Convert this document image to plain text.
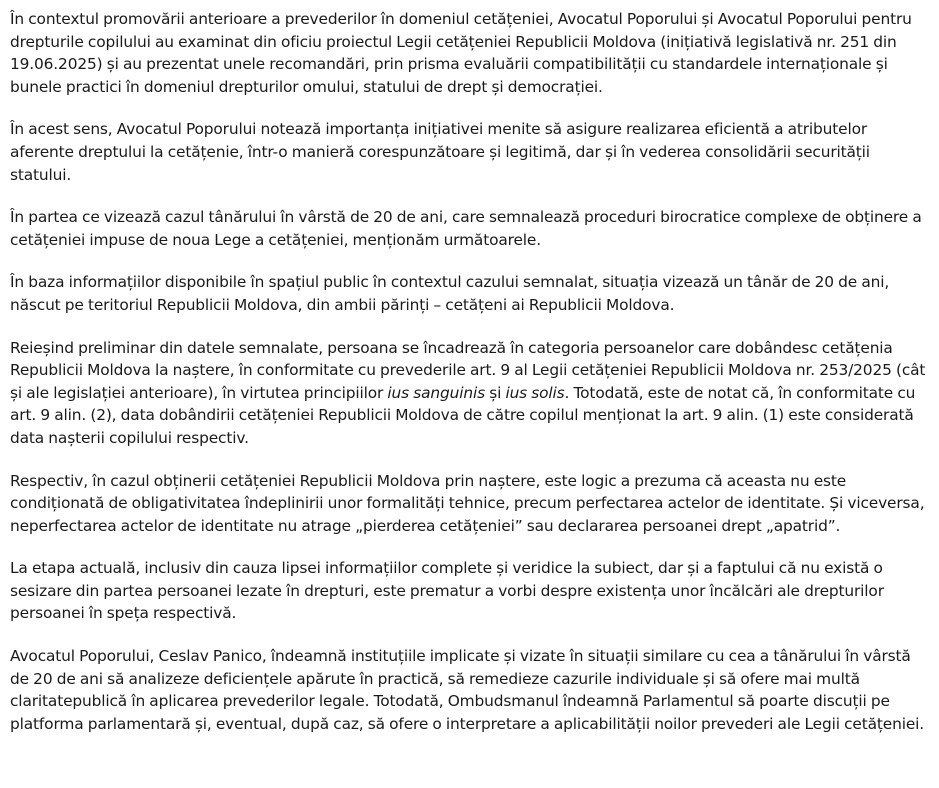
În contextul promovării anterioare a prevederilor în domeniul cetățeniei, Avocatul Poporului și Avocatul Poporului pentru drepturile copilului au examinat din oficiu proiectul Legii cetățeniei Republicii Moldova (inițiativă legislativă nr. 251 din 19.06.2025) și au prezentat unele recomandări, prin prisma evaluării compatibilității cu standardele internaționale și bunele practici în domeniul drepturilor omului, statului de drept și democrației.

În acest sens, Avocatul Poporului notează importanța inițiativei menite să asigure realizarea eficientă a atributelor aferente dreptului la cetățenie, într-o manieră corespunzătoare și legitimă, dar și în vederea consolidării securității statului.

În partea ce vizează cazul tânărului în vârstă de 20 de ani, care semnalează proceduri birocratice complexe de obținere a cetățeniei impuse de noua Lege a cetățeniei, menționăm următoarele.

În baza informațiilor disponibile în spațiul public în contextul cazului semnalat, situația vizează un tânăr de 20 de ani, născut pe teritoriul Republicii Moldova, din ambii părinți – cetățeni ai Republicii Moldova.

Reieșind preliminar din datele semnalate, persoana se încadrează în categoria persoanelor care dobândesc cetățenia Republicii Moldova la naștere, în conformitate cu prevederile art. 9 al Legii cetățeniei Republicii Moldova nr. 253/2025 (cât și ale legislației anterioare), în virtutea principiilor ius sanguinis și ius solis. Totodată, este de notat că, în conformitate cu art. 9 alin. (2), data dobândirii cetățeniei Republicii Moldova de către copilul menționat la art. 9 alin. (1) este considerată data nașterii copilului respectiv.

Respectiv, în cazul obținerii cetățeniei Republicii Moldova prin naștere, este logic a prezuma că aceasta nu este condiționată de obligativitatea îndeplinirii unor formalități tehnice, precum perfectarea actelor de identitate. Și viceversa, neperfectarea actelor de identitate nu atrage „pierderea cetățeniei” sau declararea persoanei drept „apatrid”.

La etapa actuală, inclusiv din cauza lipsei informațiilor complete și veridice la subiect, dar și a faptului că nu există o sesizare din partea persoanei lezate în drepturi, este prematur a vorbi despre existența unor încălcări ale drepturilor persoanei în speța respectivă.

Avocatul Poporului, Ceslav Panico, îndeamnă instituțiile implicate și vizate în situații similare cu cea a tânărului în vârstă de 20 de ani să analizeze deficiențele apărute în practică, să remedieze cazurile individuale și să ofere mai multă claritatepublică în aplicarea prevederilor legale. Totodată, Ombudsmanul îndeamnă Parlamentul să poarte discuții pe platforma parlamentară și, eventual, după caz, să ofere o interpretare a aplicabilității noilor prevederi ale Legii cetățeniei.
